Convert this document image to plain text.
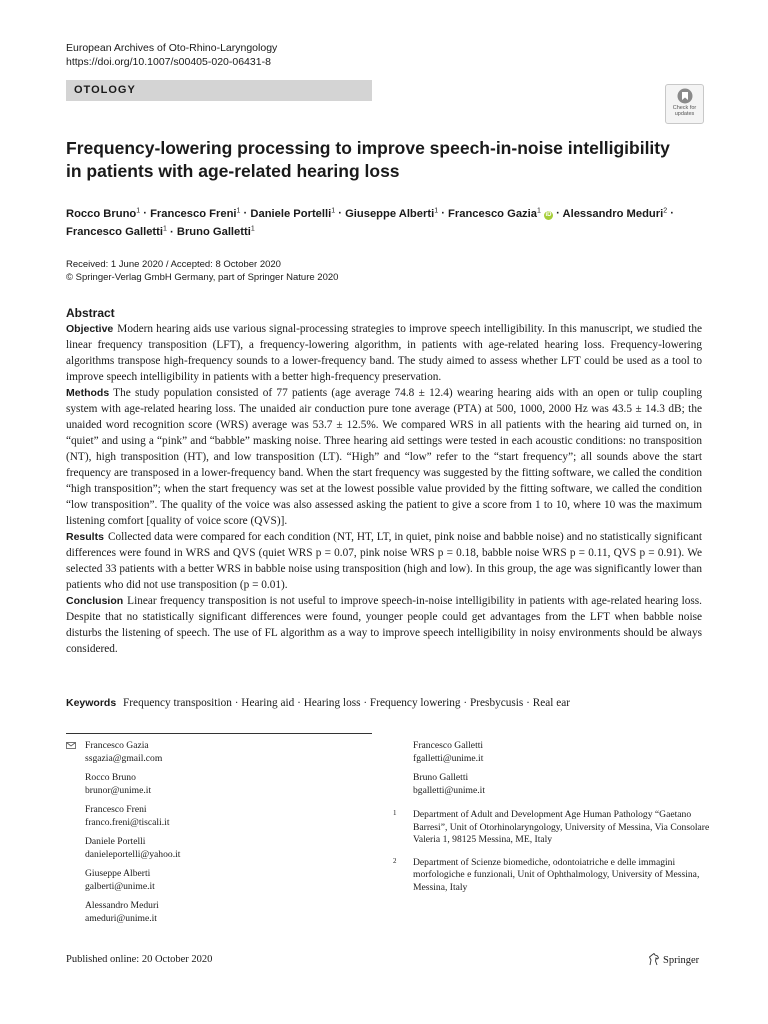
European Archives of Oto-Rhino-Laryngology
https://doi.org/10.1007/s00405-020-06431-8
OTOLOGY
Check for
updates
Frequency-lowering processing to improve speech-in-noise intelligibility in patients with age-related hearing loss
Rocco Bruno$^1$ · Francesco Freni$^1$ · Daniele Portelli$^1$ · Giuseppe Alberti$^1$ · Francesco Gazia$^1$ iD · Alessandro Meduri$^2$ ·
Francesco Galletti$^1$ · Bruno Galletti$^1$
Received: 1 June 2020 / Accepted: 8 October 2020
© Springer-Verlag GmbH Germany, part of Springer Nature 2020
Abstract

Objective Modern hearing aids use various signal-processing strategies to improve speech intelligibility. In this manuscript, we studied the linear frequency transposition (LFT), a frequency-lowering algorithm, in patients with age-related hearing loss. Frequency-lowering algorithms transpose high-frequency sounds to a lower-frequency band. The study aimed to assess whether LFT could be used as a tool to improve speech intelligibility in patients with a better high-frequency preservation.

Methods The study population consisted of 77 patients (age average 74.8 ± 12.4) wearing hearing aids with an open or tulip coupling system with age-related hearing loss. The unaided air conduction pure tone average (PTA) at 500, 1000, 2000 Hz was 43.5 ± 14.3 dB; the unaided word recognition score (WRS) average was 53.7 ± 12.5%. We compared WRS in all patients with the hearing aid turned on, in “quiet” and using a “pink” and “babble” masking noise. Three hearing aid settings were tested in each acoustic conditions: no transposition (NT), high transposition (HT), and low transposition (LT). “High” and “low” refer to the “start frequency”; all sounds above the start frequency are transposed in a lower-frequency band. When the start frequency was suggested by the fitting software, we called the condition “high transposition”; when the start frequency was set at the lowest possible value provided by the fitting software, we called the condition “low transposition”. The quality of the voice was also assessed asking the patient to give a score from 1 to 10, where 10 was the maximum listening comfort [quality of voice score (QVS)].

Results Collected data were compared for each condition (NT, HT, LT, in quiet, pink noise and babble noise) and no statistically significant differences were found in WRS and QVS (quiet WRS p = 0.07, pink noise WRS p = 0.18, babble noise WRS p = 0.11, QVS p = 0.91). We selected 33 patients with a better WRS in babble noise using transposition (high and low). In this group, the age was significantly lower than patients who did not use transposition (p = 0.01).

Conclusion Linear frequency transposition is not useful to improve speech-in-noise intelligibility in patients with age-related hearing loss. Despite that no statistically significant differences were found, younger people could get advantages from the LFT when babble noise disturbs the listening of speech. The use of FL algorithm as a way to improve speech intelligibility in noisy environments should be always considered.

Keywords Frequency transposition · Hearing aid · Hearing loss · Frequency lowering · Presbycusis · Real ear
Francesco Gazia
ssgazia@gmail.com
Rocco Bruno
brunor@unime.it
Francesco Freni
franco.freni@tiscali.it
Daniele Portelli
danieleportelli@yahoo.it
Giuseppe Alberti
galberti@unime.it
Alessandro Meduri
ameduri@unime.it
Francesco Galletti
fgalletti@unime.it
Bruno Galletti
bgalletti@unime.it
1 Department of Adult and Development Age Human Pathology “Gaetano Barresi”, Unit of Otorhinolaryngology, University of Messina, Via Consolare Valeria 1, 98125 Messina, ME, Italy
2 Department of Scienze biomediche, odontoiatriche e delle immagini morfologiche e funzionali, Unit of Ophthalmology, University of Messina, Messina, Italy
Published online: 20 October 2020	Springer
